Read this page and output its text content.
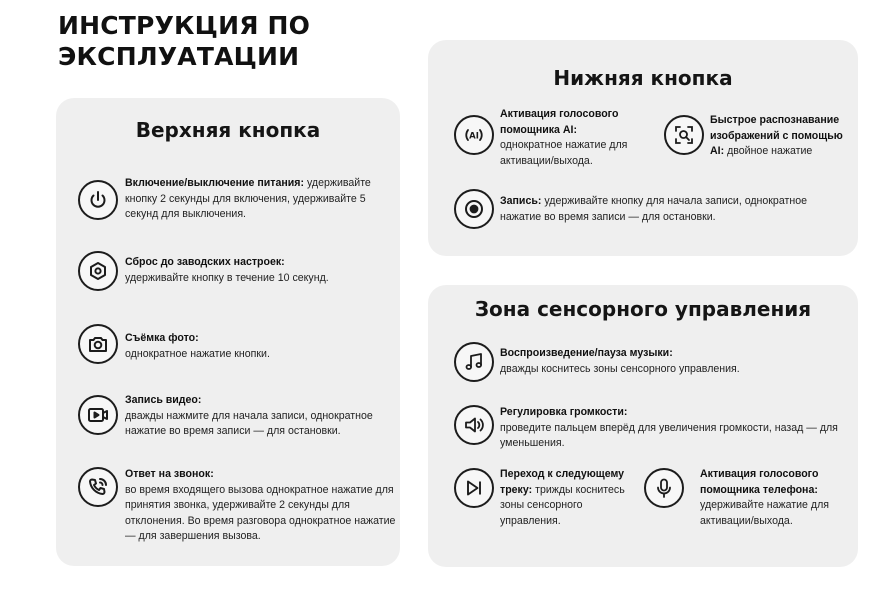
ИНСТРУКЦИЯ ПО
ЭКСПЛУАТАЦИИ
Верхняя кнопка
Включение/выключение питания: удерживайте кнопку 2 секунды для включения, удерживайте 5 секунд для выключения.
Сброс до заводских настроек:
удерживайте кнопку в течение 10 секунд.
Съёмка фото:
однократное нажатие кнопки.
Запись видео:
дважды нажмите для начала записи, однократное нажатие во время записи — для остановки.
Ответ на звонок:
во время входящего вызова однократное нажатие для принятия звонка, удерживайте 2 секунды для отклонения. Во время разговора однократное нажатие — для завершения вызова.
Нижняя кнопка
AI
Активация голосового помощника AI:
однократное нажатие для активации/выхода.
Быстрое распознавание изображений с помощью AI: двойное нажатие
Запись: удерживайте кнопку для начала записи, однократное нажатие во время записи — для остановки.
Зона сенсорного управления
Воспроизведение/пауза музыки:
дважды коснитесь зоны сенсорного управления.
Регулировка громкости:
проведите пальцем вперёд для увеличения громкости, назад — для уменьшения.
Переход к следующему треку: трижды коснитесь зоны сенсорного управления.
Активация голосового помощника телефона: удерживайте нажатие для активации/выхода.
